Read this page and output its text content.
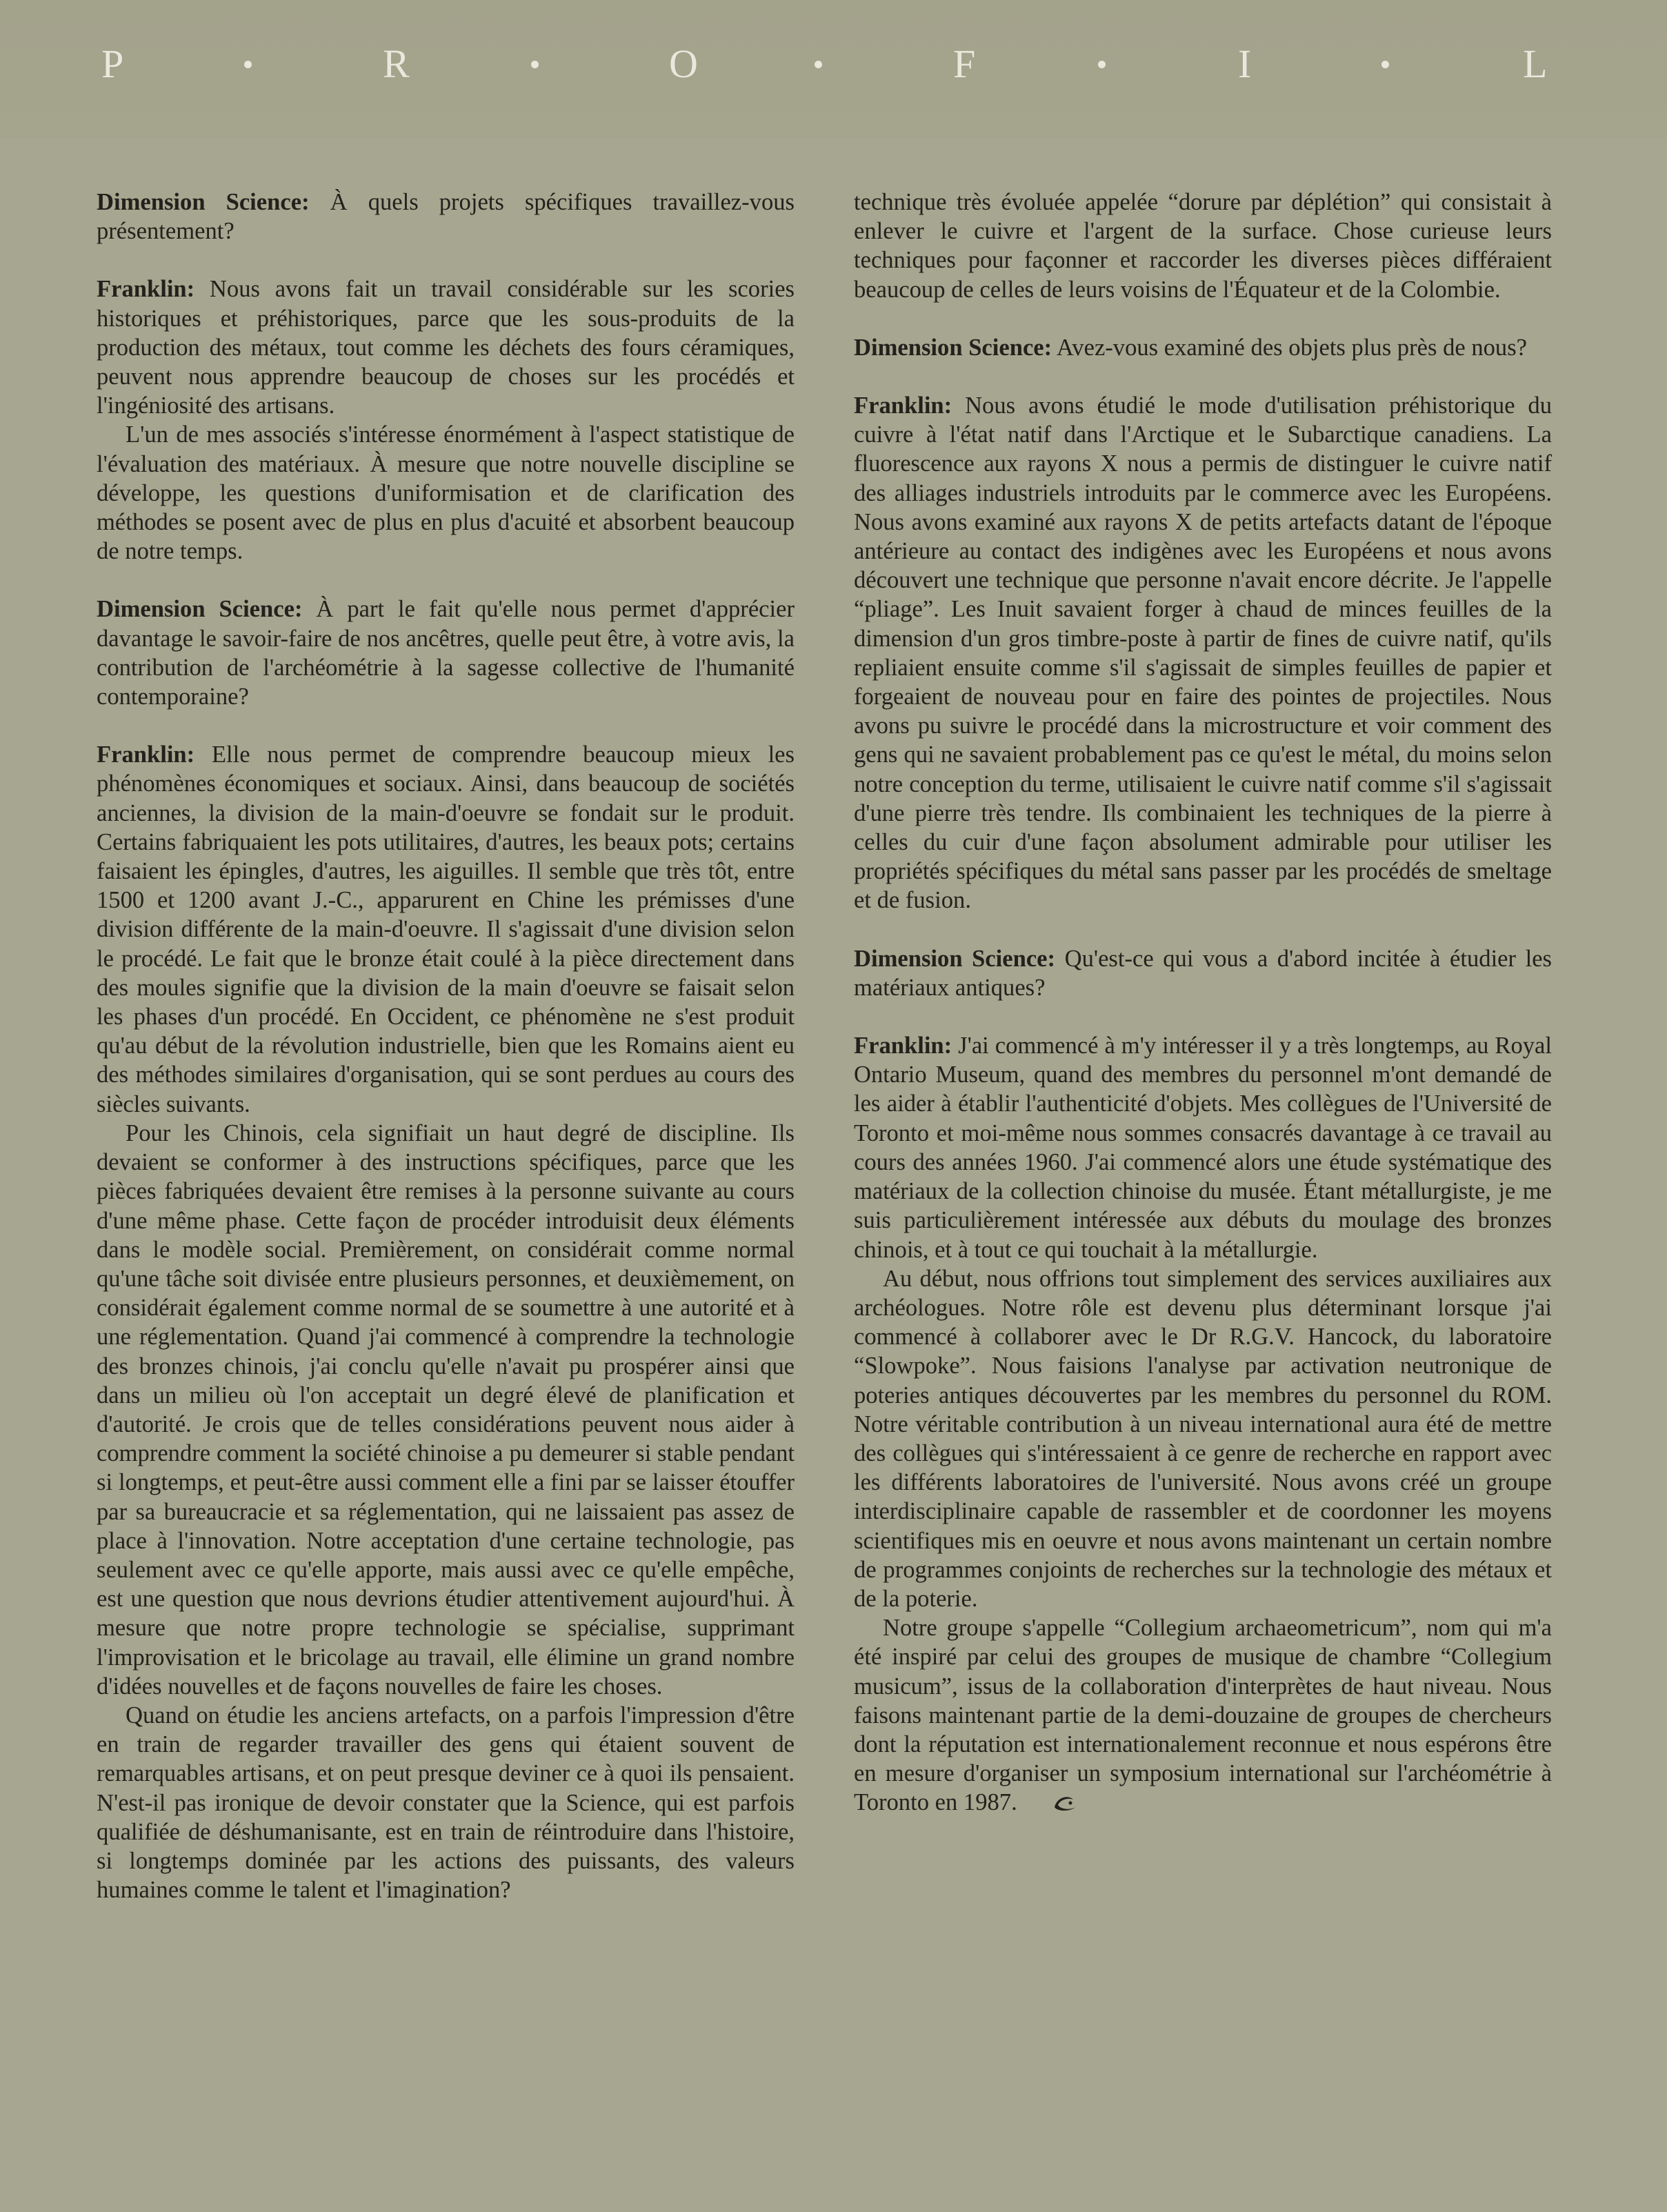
P	R	O	F	I	L

Dimension Science: À quels projets spécifiques travaillez-vous présentement?

Franklin: Nous avons fait un travail considérable sur les scories historiques et préhistoriques, parce que les sous-produits de la production des métaux, tout comme les déchets des fours céramiques, peuvent nous apprendre beaucoup de choses sur les procédés et l'ingéniosité des artisans.

L'un de mes associés s'intéresse énormément à l'aspect statistique de l'évaluation des matériaux. À mesure que notre nouvelle discipline se développe, les questions d'uniformisation et de clarification des méthodes se posent avec de plus en plus d'acuité et absorbent beaucoup de notre temps.

Dimension Science: À part le fait qu'elle nous permet d'apprécier davantage le savoir-faire de nos ancêtres, quelle peut être, à votre avis, la contribution de l'archéométrie à la sagesse collective de l'humanité contemporaine?

Franklin: Elle nous permet de comprendre beaucoup mieux les phénomènes économiques et sociaux. Ainsi, dans beaucoup de sociétés anciennes, la division de la main-d'oeuvre se fondait sur le produit. Certains fabriquaient les pots utilitaires, d'autres, les beaux pots; certains faisaient les épingles, d'autres, les aiguilles. Il semble que très tôt, entre 1500 et 1200 avant J.-C., apparurent en Chine les prémisses d'une division différente de la main-d'oeuvre. Il s'agissait d'une division selon le procédé. Le fait que le bronze était coulé à la pièce directement dans des moules signifie que la division de la main d'oeuvre se faisait selon les phases d'un procédé. En Occident, ce phénomène ne s'est produit qu'au début de la révolution industrielle, bien que les Romains aient eu des méthodes similaires d'organisation, qui se sont perdues au cours des siècles suivants.

Pour les Chinois, cela signifiait un haut degré de discipline. Ils devaient se conformer à des instructions spécifiques, parce que les pièces fabriquées devaient être remises à la personne suivante au cours d'une même phase. Cette façon de procéder introduisit deux éléments dans le modèle social. Premièrement, on considérait comme normal qu'une tâche soit divisée entre plusieurs personnes, et deuxièmement, on considérait également comme normal de se soumettre à une autorité et à une réglementation. Quand j'ai commencé à comprendre la technologie des bronzes chinois, j'ai conclu qu'elle n'avait pu prospérer ainsi que dans un milieu où l'on acceptait un degré élevé de planification et d'autorité. Je crois que de telles considérations peuvent nous aider à comprendre comment la société chinoise a pu demeurer si stable pendant si longtemps, et peut-être aussi comment elle a fini par se laisser étouffer par sa bureaucracie et sa réglementation, qui ne laissaient pas assez de place à l'innovation. Notre acceptation d'une certaine technologie, pas seulement avec ce qu'elle apporte, mais aussi avec ce qu'elle empêche, est une question que nous devrions étudier attentivement aujourd'hui. À mesure que notre propre technologie se spécialise, supprimant l'improvisation et le bricolage au travail, elle élimine un grand nombre d'idées nouvelles et de façons nouvelles de faire les choses.

Quand on étudie les anciens artefacts, on a parfois l'impression d'être en train de regarder travailler des gens qui étaient souvent de remarquables artisans, et on peut presque deviner ce à quoi ils pensaient. N'est-il pas ironique de devoir constater que la Science, qui est parfois qualifiée de déshumanisante, est en train de réintroduire dans l'histoire, si longtemps dominée par les actions des puissants, des valeurs humaines comme le talent et l'imagination?

technique très évoluée appelée “dorure par déplétion” qui consistait à enlever le cuivre et l'argent de la surface. Chose curieuse leurs techniques pour façonner et raccorder les diverses pièces différaient beaucoup de celles de leurs voisins de l'Équateur et de la Colombie.

Dimension Science: Avez-vous examiné des objets plus près de nous?

Franklin: Nous avons étudié le mode d'utilisation préhistorique du cuivre à l'état natif dans l'Arctique et le Subarctique canadiens. La fluorescence aux rayons X nous a permis de distinguer le cuivre natif des alliages industriels introduits par le commerce avec les Européens. Nous avons examiné aux rayons X de petits artefacts datant de l'époque antérieure au contact des indigènes avec les Européens et nous avons découvert une technique que personne n'avait encore décrite. Je l'appelle “pliage”. Les Inuit savaient forger à chaud de minces feuilles de la dimension d'un gros timbre-poste à partir de fines de cuivre natif, qu'ils repliaient ensuite comme s'il s'agissait de simples feuilles de papier et forgeaient de nouveau pour en faire des pointes de projectiles. Nous avons pu suivre le procédé dans la microstructure et voir comment des gens qui ne savaient probablement pas ce qu'est le métal, du moins selon notre conception du terme, utilisaient le cuivre natif comme s'il s'agissait d'une pierre très tendre. Ils combinaient les techniques de la pierre à celles du cuir d'une façon absolument admirable pour utiliser les propriétés spécifiques du métal sans passer par les procédés de smeltage et de fusion.

Dimension Science: Qu'est-ce qui vous a d'abord incitée à étudier les matériaux antiques?

Franklin: J'ai commencé à m'y intéresser il y a très longtemps, au Royal Ontario Museum, quand des membres du personnel m'ont demandé de les aider à établir l'authenticité d'objets. Mes collègues de l'Université de Toronto et moi-même nous sommes consacrés davantage à ce travail au cours des années 1960. J'ai commencé alors une étude systématique des matériaux de la collection chinoise du musée. Étant métallurgiste, je me suis particulièrement intéressée aux débuts du moulage des bronzes chinois, et à tout ce qui touchait à la métallurgie.

Au début, nous offrions tout simplement des services auxiliaires aux archéologues. Notre rôle est devenu plus déterminant lorsque j'ai commencé à collaborer avec le Dr R.G.V. Hancock, du laboratoire “Slowpoke”. Nous faisions l'analyse par activation neutronique de poteries antiques découvertes par les membres du personnel du ROM. Notre véritable contribution à un niveau international aura été de mettre des collègues qui s'intéressaient à ce genre de recherche en rapport avec les différents laboratoires de l'université. Nous avons créé un groupe interdisciplinaire capable de rassembler et de coordonner les moyens scientifiques mis en oeuvre et nous avons maintenant un certain nombre de programmes conjoints de recherches sur la technologie des métaux et de la poterie.

Notre groupe s'appelle “Collegium archaeometricum”, nom qui m'a été inspiré par celui des groupes de musique de chambre “Collegium musicum”, issus de la collaboration d'interprètes de haut niveau. Nous faisons maintenant partie de la demi-douzaine de groupes de chercheurs dont la réputation est internationalement reconnue et nous espérons être en mesure d'organiser un symposium international sur l'archéométrie à Toronto en 1987.
